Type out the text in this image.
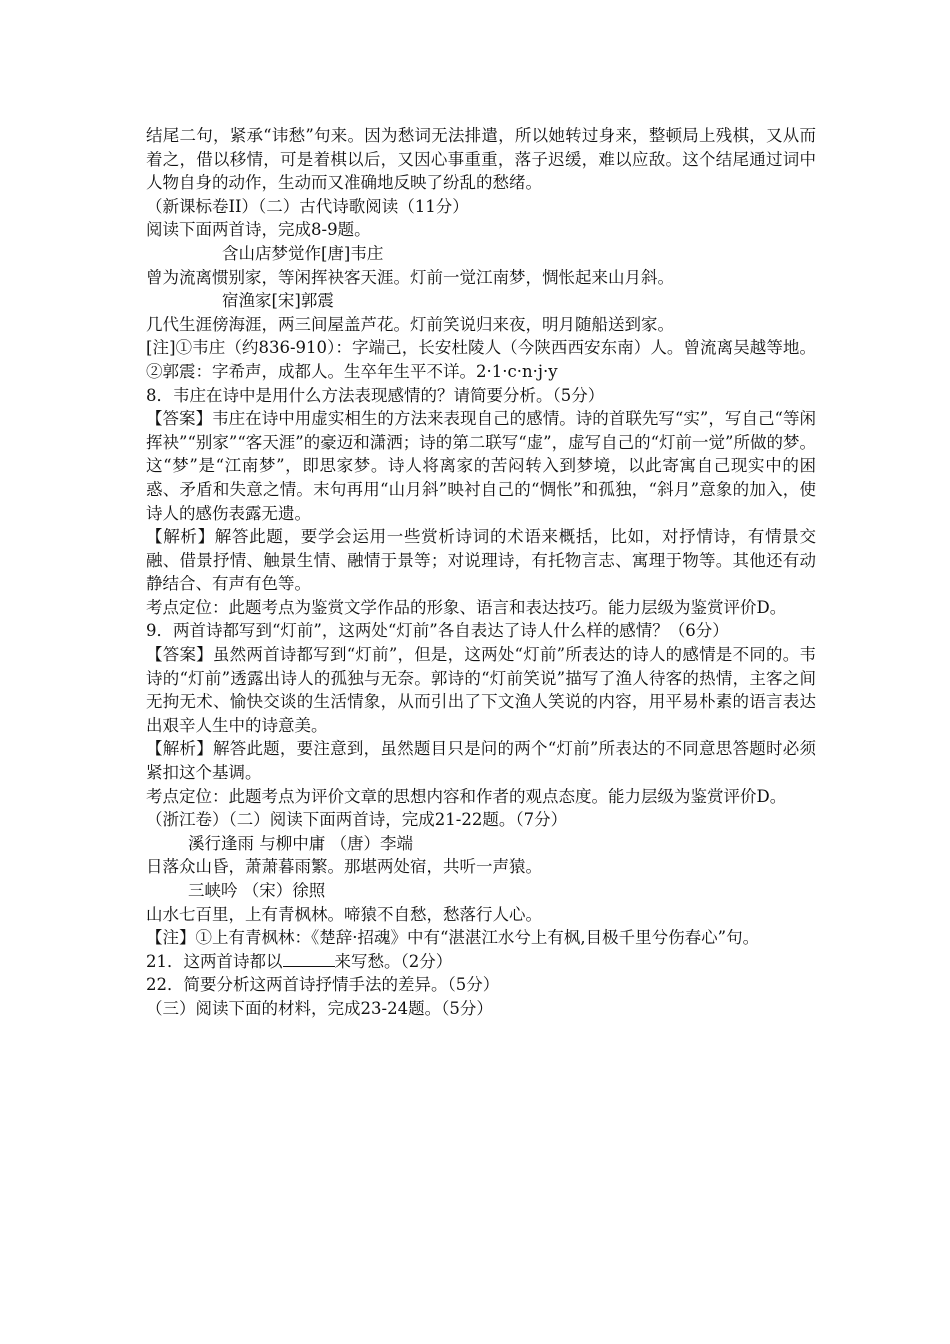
结尾二句，紧承“讳愁”句来。因为愁词无法排遣，所以她转过身来，整顿局上残棋，又从而着之，借以移情，可是着棋以后，又因心事重重，落子迟缓，难以应敌。这个结尾通过词中人物自身的动作，生动而又准确地反映了纷乱的愁绪。

（新课标卷II）（二）古代诗歌阅读（11分）

阅读下面两首诗，完成8-9题。

含山店梦觉作[唐]韦庄

曾为流离惯别家，等闲挥袂客天涯。灯前一觉江南梦，惆怅起来山月斜。

宿渔家[宋]郭震

几代生涯傍海涯，两三间屋盖芦花。灯前笑说归来夜，明月随船送到家。

[注]①韦庄（约836-910）：字端己，长安杜陵人（今陕西西安东南）人。曾流离吴越等地。②郭震：字希声，成都人。生卒年生平不详。2·1·c·n·j·y

8．韦庄在诗中是用什么方法表现感情的？请简要分析。（5分）

【答案】韦庄在诗中用虚实相生的方法来表现自己的感情。诗的首联先写“实”，写自己“等闲挥袂”“别家”“客天涯”的豪迈和潇洒；诗的第二联写“虚”，虚写自己的“灯前一觉”所做的梦。这“梦”是“江南梦”，即思家梦。诗人将离家的苦闷转入到梦境，以此寄寓自己现实中的困惑、矛盾和失意之情。末句再用“山月斜”映衬自己的“惆怅”和孤独，“斜月”意象的加入，使诗人的感伤表露无遗。

【解析】解答此题，要学会运用一些赏析诗词的术语来概括，比如，对抒情诗，有情景交融、借景抒情、触景生情、融情于景等；对说理诗，有托物言志、寓理于物等。其他还有动静结合、有声有色等。

考点定位：此题考点为鉴赏文学作品的形象、语言和表达技巧。能力层级为鉴赏评价D。

9．两首诗都写到“灯前”，这两处“灯前”各自表达了诗人什么样的感情？（6分）

【答案】虽然两首诗都写到“灯前”，但是，这两处“灯前”所表达的诗人的感情是不同的。韦诗的“灯前”透露出诗人的孤独与无奈。郭诗的“灯前笑说”描写了渔人待客的热情，主客之间无拘无术、愉快交谈的生活情象，从而引出了下文渔人笑说的内容，用平易朴素的语言表达出艰辛人生中的诗意美。

【解析】解答此题，要注意到，虽然题目只是问的两个“灯前”所表达的不同意思答题时必须紧扣这个基调。

考点定位：此题考点为评价文章的思想内容和作者的观点态度。能力层级为鉴赏评价D。

（浙江卷）（二）阅读下面两首诗，完成21-22题。（7分）

溪行逢雨 与柳中庸 （唐）李端

日落众山昏，萧萧暮雨繁。那堪两处宿，共听一声猿。

三峡吟 （宋）徐照

山水七百里，上有青枫林。啼猿不自愁，愁落行人心。

【注】①上有青枫林：《楚辞·招魂》中有“湛湛江水兮上有枫,目极千里兮伤春心”句。

21．这两首诗都以	来写愁。（2分）

22．简要分析这两首诗抒情手法的差异。（5分）

（三）阅读下面的材料，完成23-24题。（5分）
